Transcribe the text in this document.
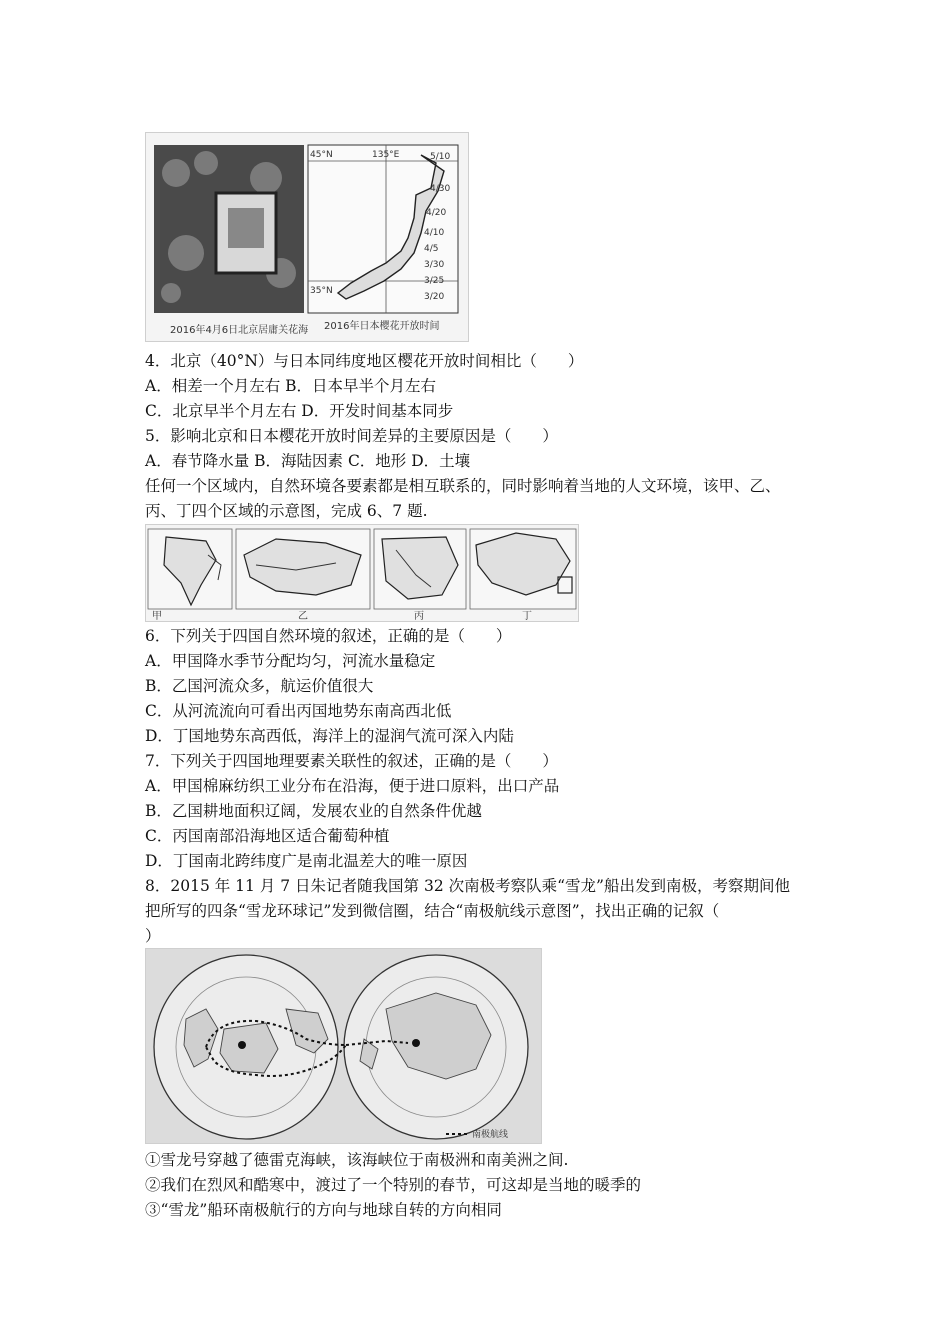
45°N	135°E
35°N
5/10
4/30
4/20
4/10
4/5
3/30
3/25
3/20
2016年4月6日北京居庸关花海 2016年日本樱花开放时间
4．北京（40°N）与日本同纬度地区樱花开放时间相比（　　）
A．相差一个月左右 B．日本早半个月左右
C．北京早半个月左右 D．开发时间基本同步
5．影响北京和日本樱花开放时间差异的主要原因是（　　）
A．春节降水量 B．海陆因素 C．地形 D．土壤
任何一个区域内，自然环境各要素都是相互联系的，同时影响着当地的人文环境，该甲、乙、
丙、丁四个区域的示意图，完成 6、7 题.
甲	乙	丙	丁
6．下列关于四国自然环境的叙述，正确的是（　　）
A．甲国降水季节分配均匀，河流水量稳定
B．乙国河流众多，航运价值很大
C．从河流流向可看出丙国地势东南高西北低
D．丁国地势东高西低，海洋上的湿润气流可深入内陆
7．下列关于四国地理要素关联性的叙述，正确的是（　　）
A．甲国棉麻纺织工业分布在沿海，便于进口原料，出口产品
B．乙国耕地面积辽阔，发展农业的自然条件优越
C．丙国南部沿海地区适合葡萄种植
D．丁国南北跨纬度广是南北温差大的唯一原因
8．2015 年 11 月 7 日朱记者随我国第 32 次南极考察队乘“雪龙”船出发到南极，考察期间他
把所写的四条“雪龙环球记”发到微信圈，结合“南极航线示意图”，找出正确的记叙（
）
南极航线
①雪龙号穿越了德雷克海峡，该海峡位于南极洲和南美洲之间.
②我们在烈风和酷寒中，渡过了一个特别的春节，可这却是当地的暖季的
③“雪龙”船环南极航行的方向与地球自转的方向相同
